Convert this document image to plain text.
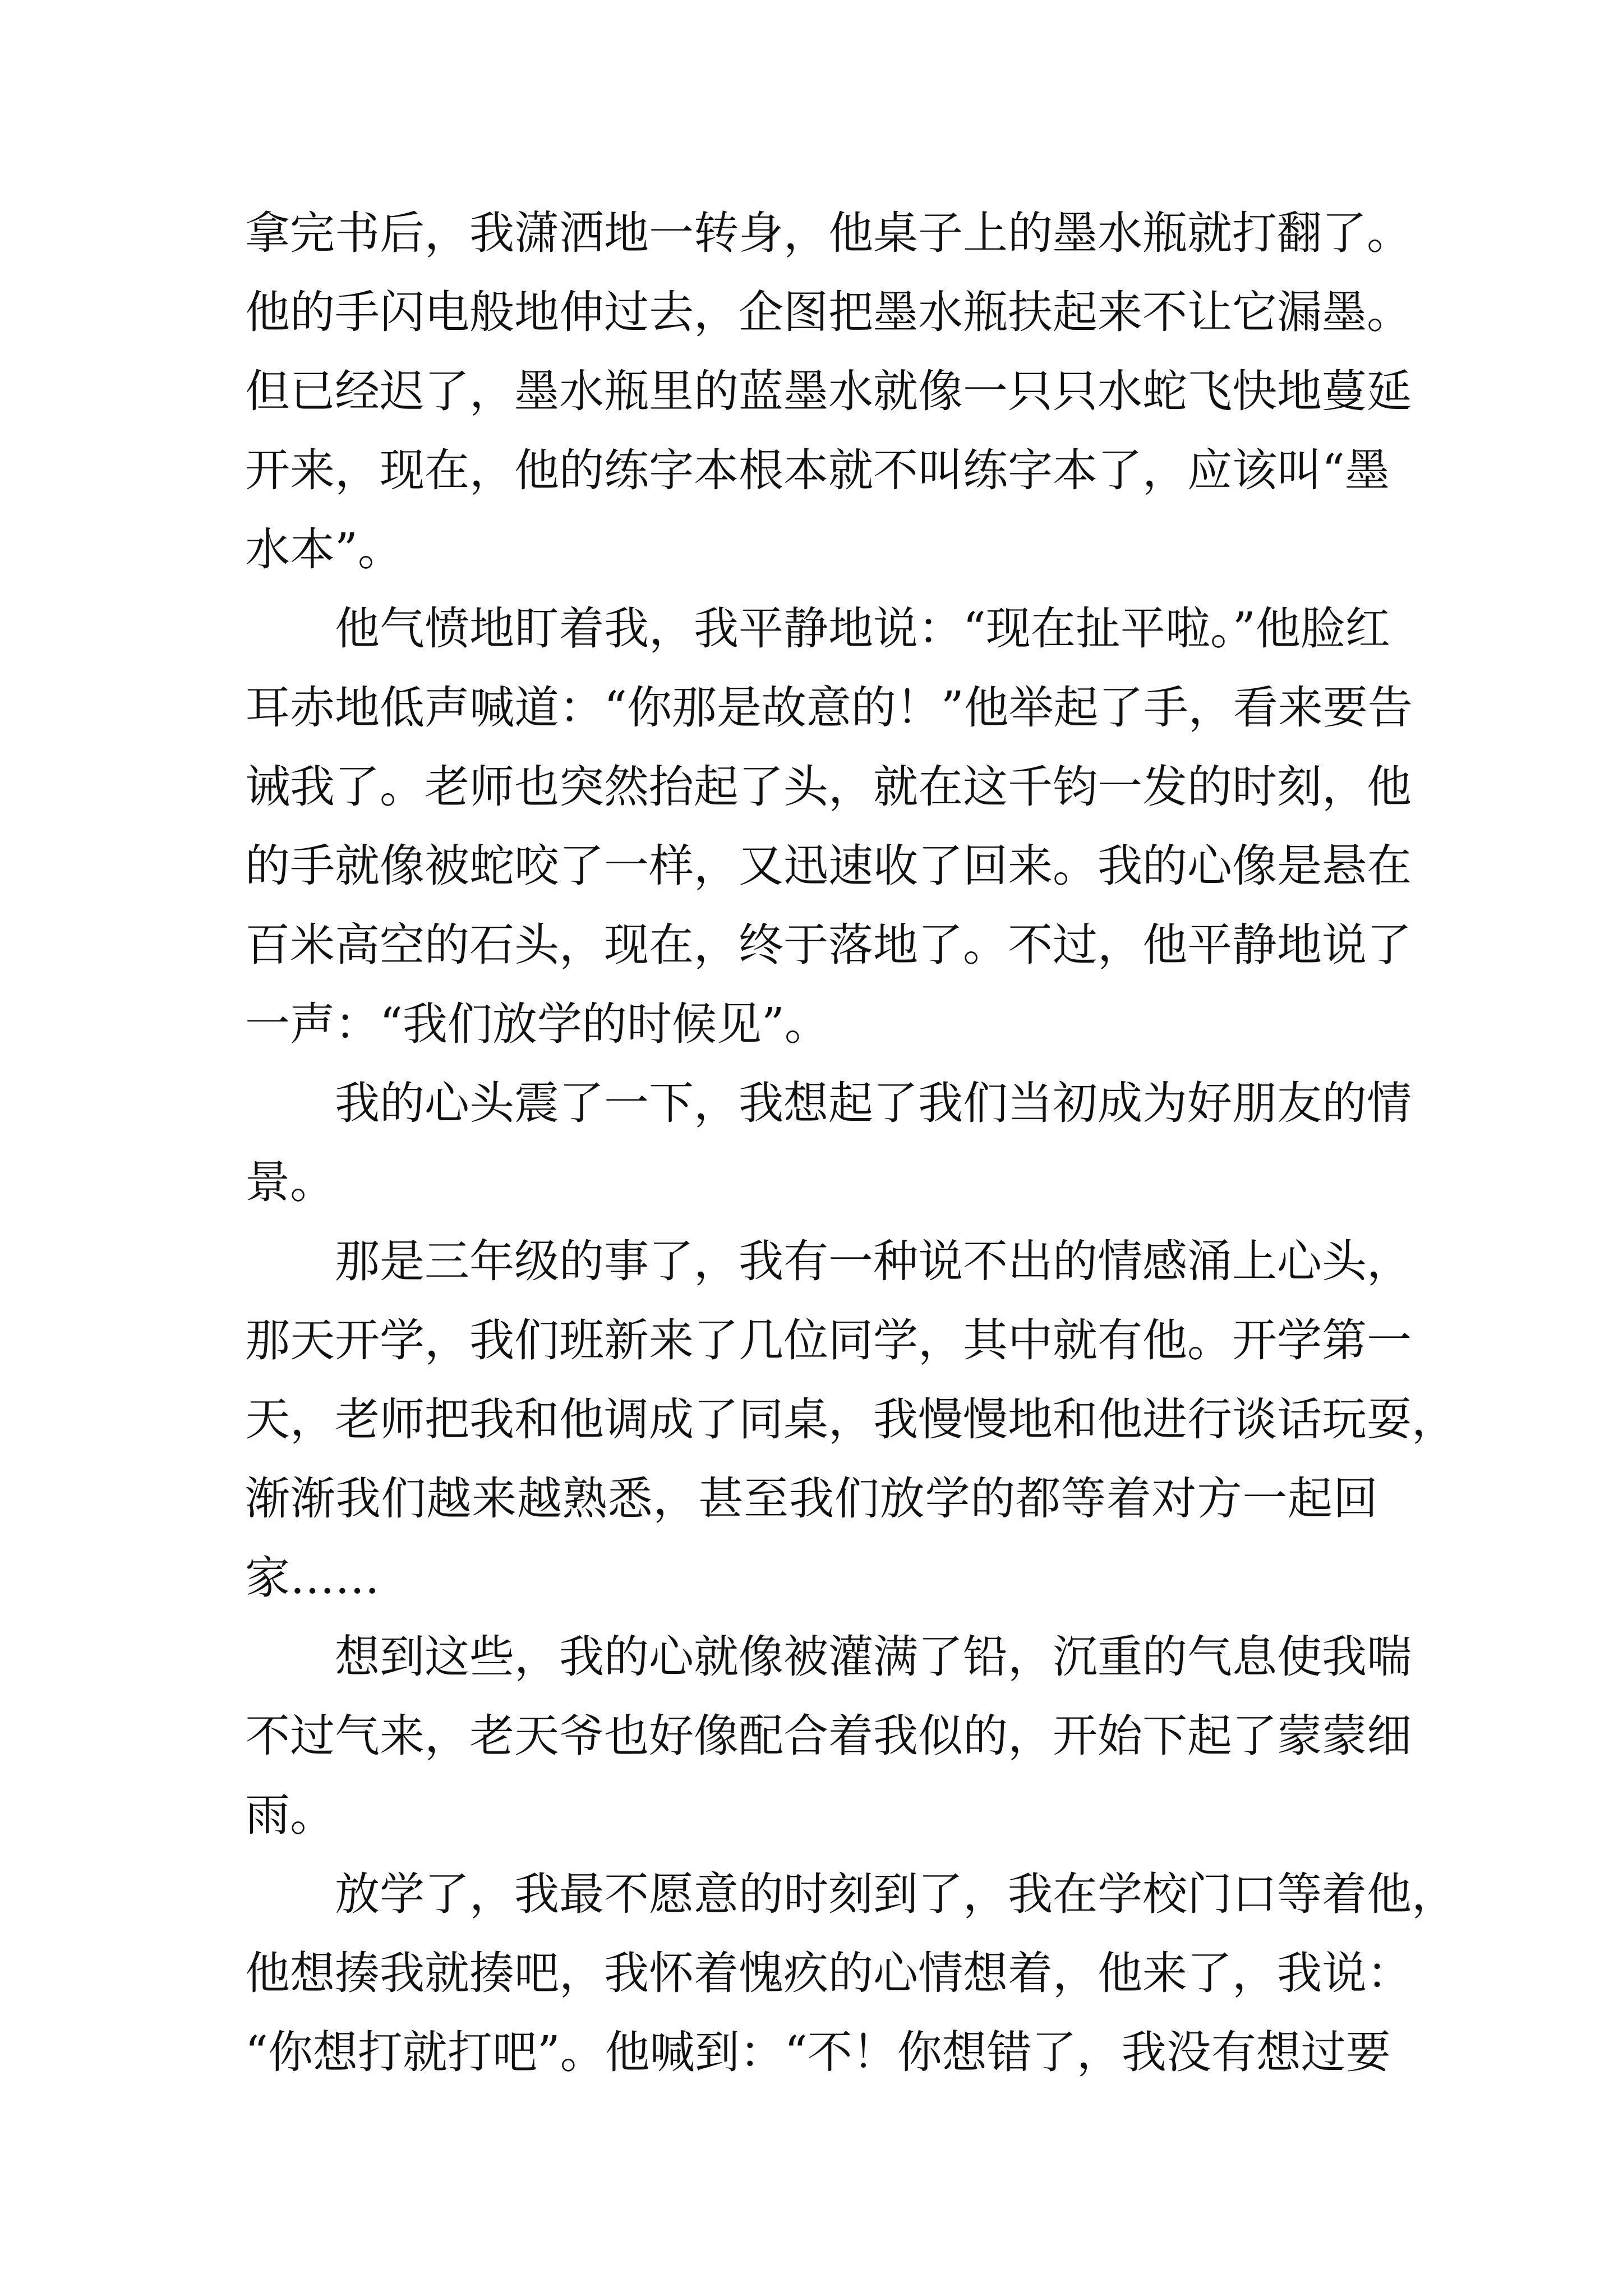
拿完书后，我潇洒地一转身，他桌子上的墨水瓶就打翻了。
他的手闪电般地伸过去，企图把墨水瓶扶起来不让它漏墨。
但已经迟了，墨水瓶里的蓝墨水就像一只只水蛇飞快地蔓延
开来，现在，他的练字本根本就不叫练字本了，应该叫“墨
水本”。
他气愤地盯着我，我平静地说：“现在扯平啦。”他脸红
耳赤地低声喊道：“你那是故意的！”他举起了手，看来要告
诫我了。老师也突然抬起了头，就在这千钧一发的时刻，他
的手就像被蛇咬了一样，又迅速收了回来。我的心像是悬在
百米高空的石头，现在，终于落地了。不过，他平静地说了
一声：“我们放学的时候见”。
我的心头震了一下，我想起了我们当初成为好朋友的情
景。
那是三年级的事了，我有一种说不出的情感涌上心头，
那天开学，我们班新来了几位同学，其中就有他。开学第一
天，老师把我和他调成了同桌，我慢慢地和他进行谈话玩耍，
渐渐我们越来越熟悉，甚至我们放学的都等着对方一起回
家……
想到这些，我的心就像被灌满了铅，沉重的气息使我喘
不过气来，老天爷也好像配合着我似的，开始下起了蒙蒙细
雨。
放学了，我最不愿意的时刻到了，我在学校门口等着他，
他想揍我就揍吧，我怀着愧疚的心情想着，他来了，我说：
“你想打就打吧”。他喊到：“不！你想错了，我没有想过要
